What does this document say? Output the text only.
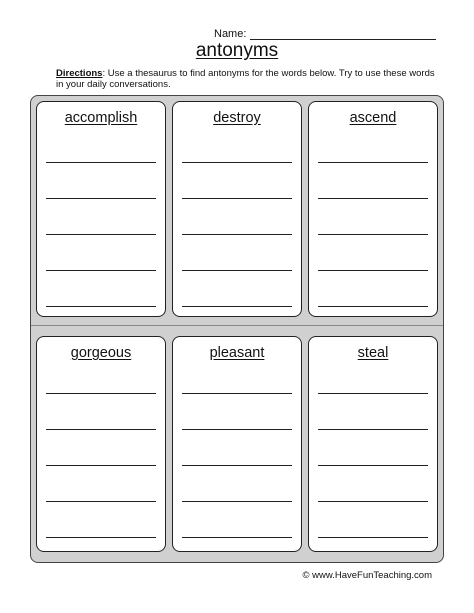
Name:
antonyms
Directions: Use a thesaurus to find antonyms for the words below. Try to use these words in your daily conversations.
accomplish	destroy	ascend
gorgeous	pleasant	steal
© www.HaveFunTeaching.com
